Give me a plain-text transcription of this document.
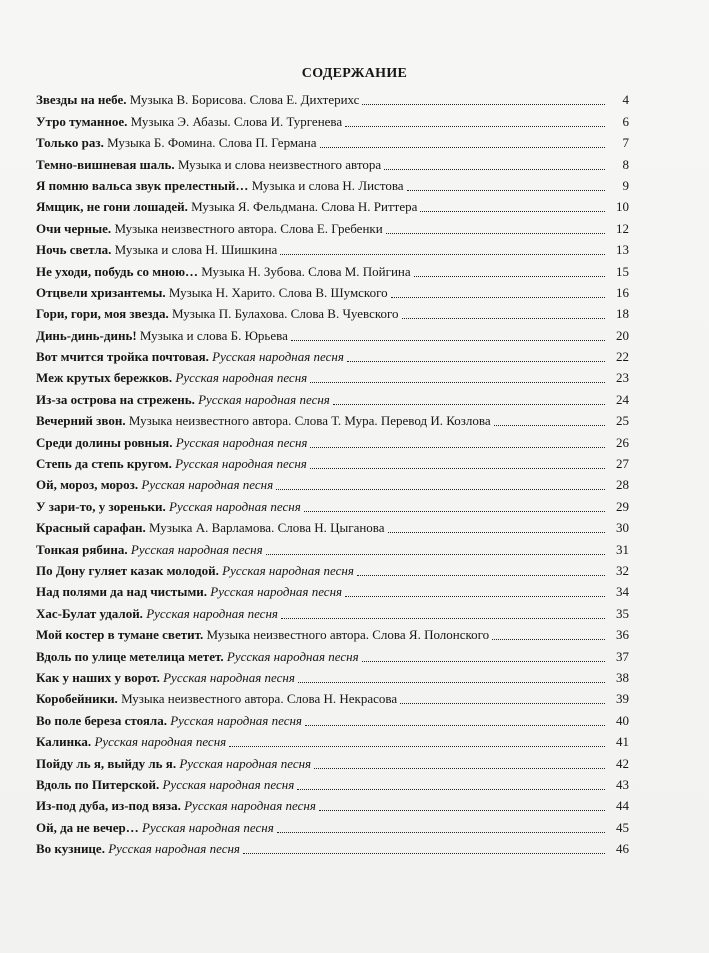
СОДЕРЖАНИЕ
Звезды на небе. Музыка В. Борисова. Слова Е. Дихтерихс	4
Утро туманное. Музыка Э. Абазы. Слова И. Тургенева	6
Только раз. Музыка Б. Фомина. Слова П. Германа	7
Темно-вишневая шаль. Музыка и слова неизвестного автора	8
Я помню вальса звук прелестный… Музыка и слова Н. Листова	9
Ямщик, не гони лошадей. Музыка Я. Фельдмана. Слова Н. Риттера	10
Очи черные. Музыка неизвестного автора. Слова Е. Гребенки	12
Ночь светла. Музыка и слова Н. Шишкина	13
Не уходи, побудь со мною… Музыка Н. Зубова. Слова М. Пойгина	15
Отцвели хризантемы. Музыка Н. Харито. Слова В. Шумского	16
Гори, гори, моя звезда. Музыка П. Булахова. Слова В. Чуевского	18
Динь-динь-динь! Музыка и слова Б. Юрьева	20
Вот мчится тройка почтовая. Русская народная песня	22
Меж крутых бережков. Русская народная песня	23
Из-за острова на стрежень. Русская народная песня	24
Вечерний звон. Музыка неизвестного автора. Слова Т. Мура. Перевод И. Козлова	25
Среди долины ровныя. Русская народная песня	26
Степь да степь кругом. Русская народная песня	27
Ой, мороз, мороз. Русская народная песня	28
У зари-то, у зореньки. Русская народная песня	29
Красный сарафан. Музыка А. Варламова. Слова Н. Цыганова	30
Тонкая рябина. Русская народная песня	31
По Дону гуляет казак молодой. Русская народная песня	32
Над полями да над чистыми. Русская народная песня	34
Хас-Булат удалой. Русская народная песня	35
Мой костер в тумане светит. Музыка неизвестного автора. Слова Я. Полонского	36
Вдоль по улице метелица метет. Русская народная песня	37
Как у наших у ворот. Русская народная песня	38
Коробейники. Музыка неизвестного автора. Слова Н. Некрасова	39
Во поле береза стояла. Русская народная песня	40
Калинка. Русская народная песня	41
Пойду ль я, выйду ль я. Русская народная песня	42
Вдоль по Питерской. Русская народная песня	43
Из-под дуба, из-под вяза. Русская народная песня	44
Ой, да не вечер… Русская народная песня	45
Во кузнице. Русская народная песня	46
